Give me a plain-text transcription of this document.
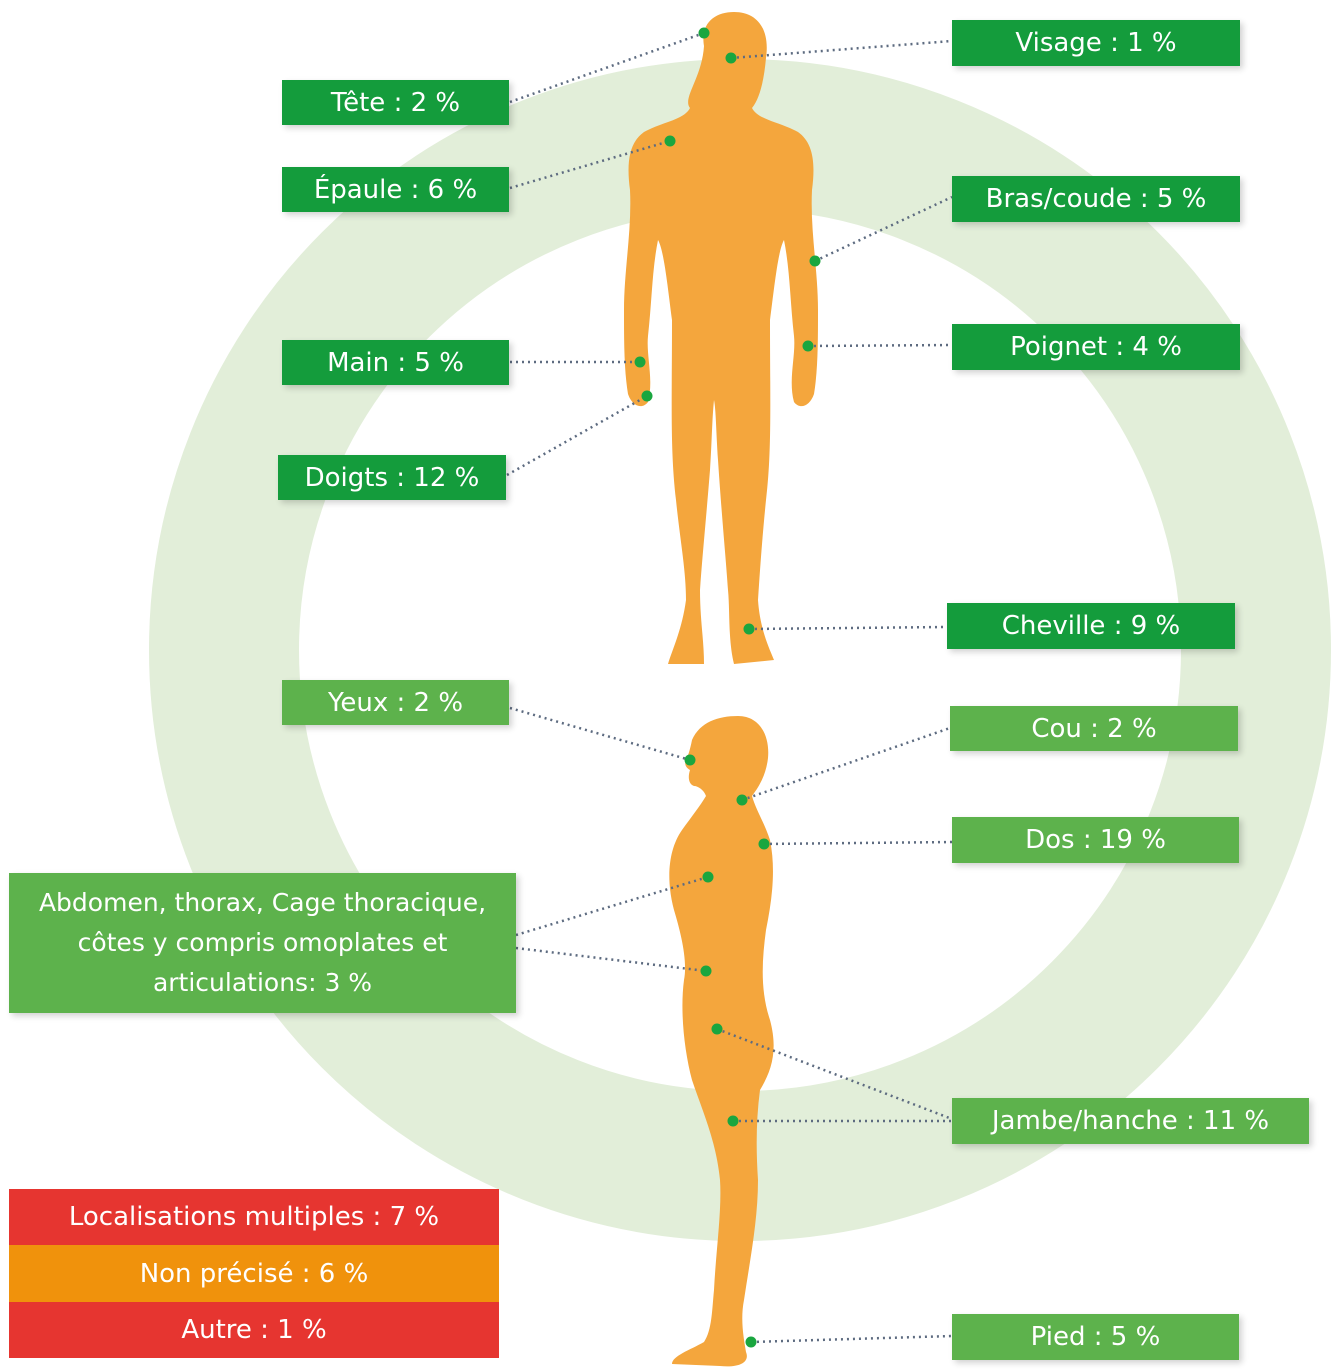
Tête : 2 %
Visage : 1 %
Épaule : 6 %	Bras/coude : 5 %
Main : 5 %
Poignet : 4 %
Doigts : 12 %
Cheville : 9 %
Yeux : 2 %
Cou : 2 %
Dos : 19 %
Abdomen, thorax, Cage thoracique, côtes y compris omoplates et articulations: 3 %
Jambe/hanche : 11 %
Pied : 5 %
Localisations multiples : 7 %
Non précisé : 6 %
Autre : 1 %
